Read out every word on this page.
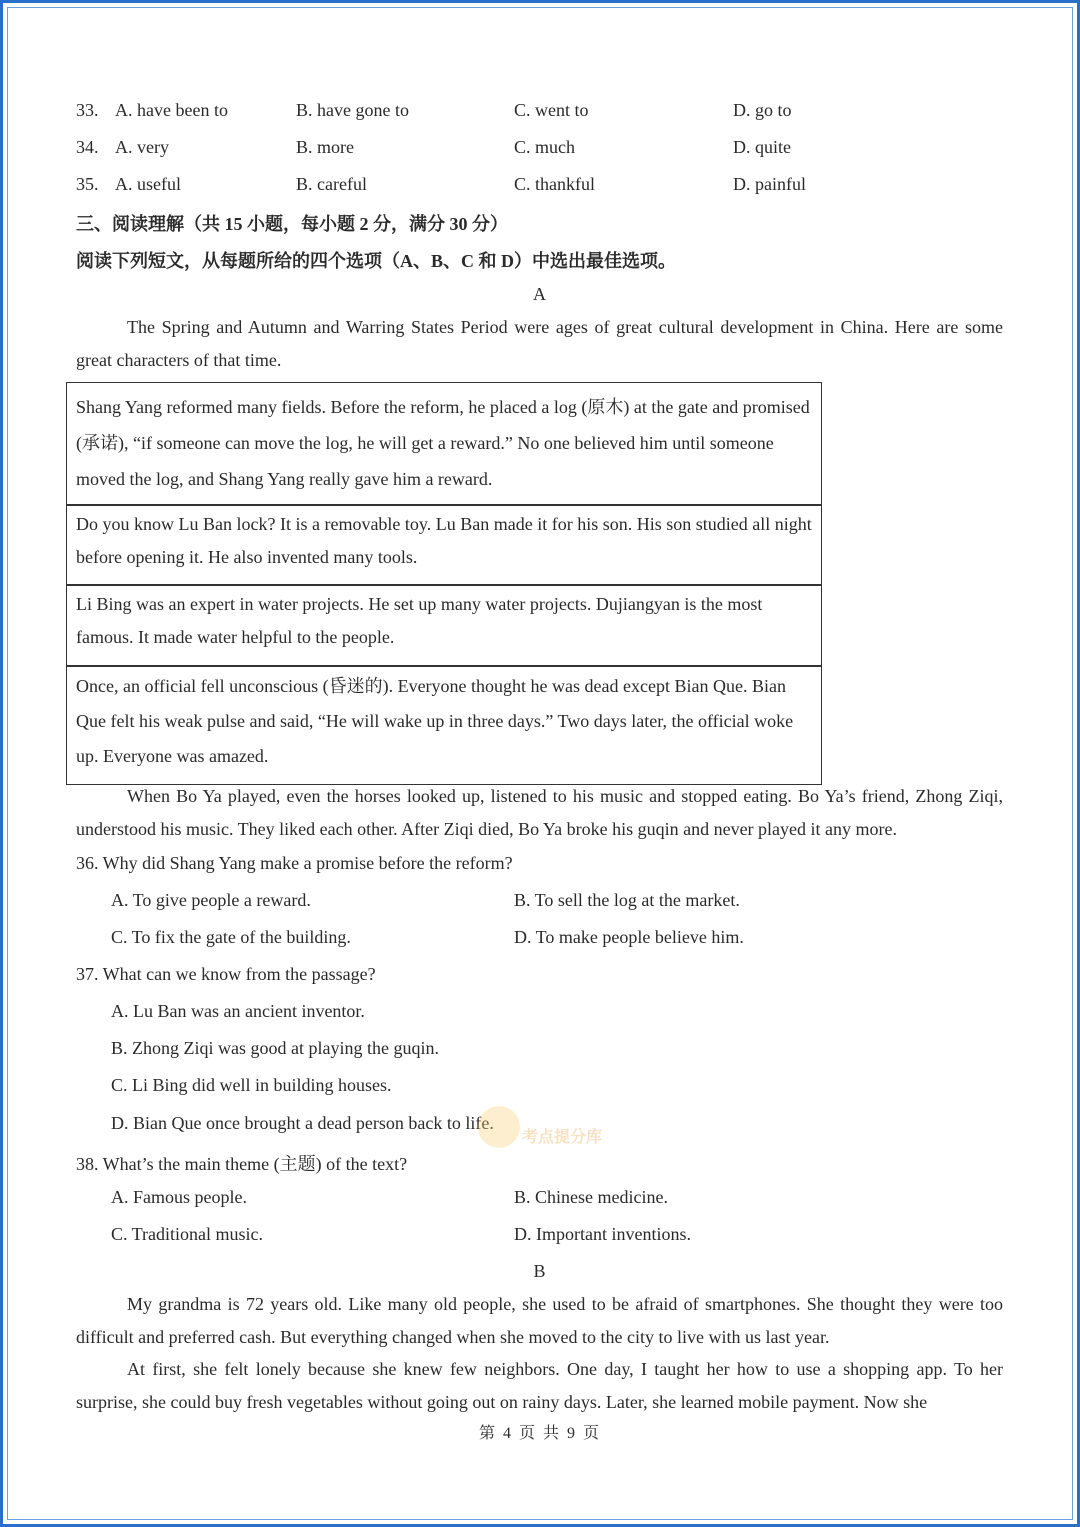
33. A. have been to	B. have gone to	C. went to	D. go to
34. A. very	B. more	C. much	D. quite
35. A. useful	B. careful	C. thankful	D. painful
三、阅读理解（共 15 小题，每小题 2 分，满分 30 分）
阅读下列短文，从每题所给的四个选项（A、B、C 和 D）中选出最佳选项。
A
The Spring and Autumn and Warring States Period were ages of great cultural development in China. Here are some great characters of that time.
Shang Yang reformed many fields. Before the reform, he placed a log (原木) at the gate and promised (承诺), “if someone can move the log, he will get a reward.” No one believed him until someone moved the log, and Shang Yang really gave him a reward.
Do you know Lu Ban lock? It is a removable toy. Lu Ban made it for his son. His son studied all night before opening it. He also invented many tools.
Li Bing was an expert in water projects. He set up many water projects. Dujiangyan is the most famous. It made water helpful to the people.
Once, an official fell unconscious (昏迷的). Everyone thought he was dead except Bian Que. Bian Que felt his weak pulse and said, “He will wake up in three days.” Two days later, the official woke up. Everyone was amazed.
When Bo Ya played, even the horses looked up, listened to his music and stopped eating. Bo Ya’s friend, Zhong Ziqi, understood his music. They liked each other. After Ziqi died, Bo Ya broke his guqin and never played it any more.
36. Why did Shang Yang make a promise before the reform?
A. To give people a reward.	B. To sell the log at the market.
C. To fix the gate of the building.	D. To make people believe him.
37. What can we know from the passage?
A. Lu Ban was an ancient inventor.
B. Zhong Ziqi was good at playing the guqin.
C. Li Bing did well in building houses.
D. Bian Que once brought a dead person back to life.
38. What’s the main theme (主题) of the text?
A. Famous people.	B. Chinese medicine.
C. Traditional music.	D. Important inventions.
B
My grandma is 72 years old. Like many old people, she used to be afraid of smartphones. She thought they were too difficult and preferred cash. But everything changed when she moved to the city to live with us last year.
At first, she felt lonely because she knew few neighbors. One day, I taught her how to use a shopping app. To her surprise, she could buy fresh vegetables without going out on rainy days. Later, she learned mobile payment. Now she
考点提分库
第 4 页 共 9 页
